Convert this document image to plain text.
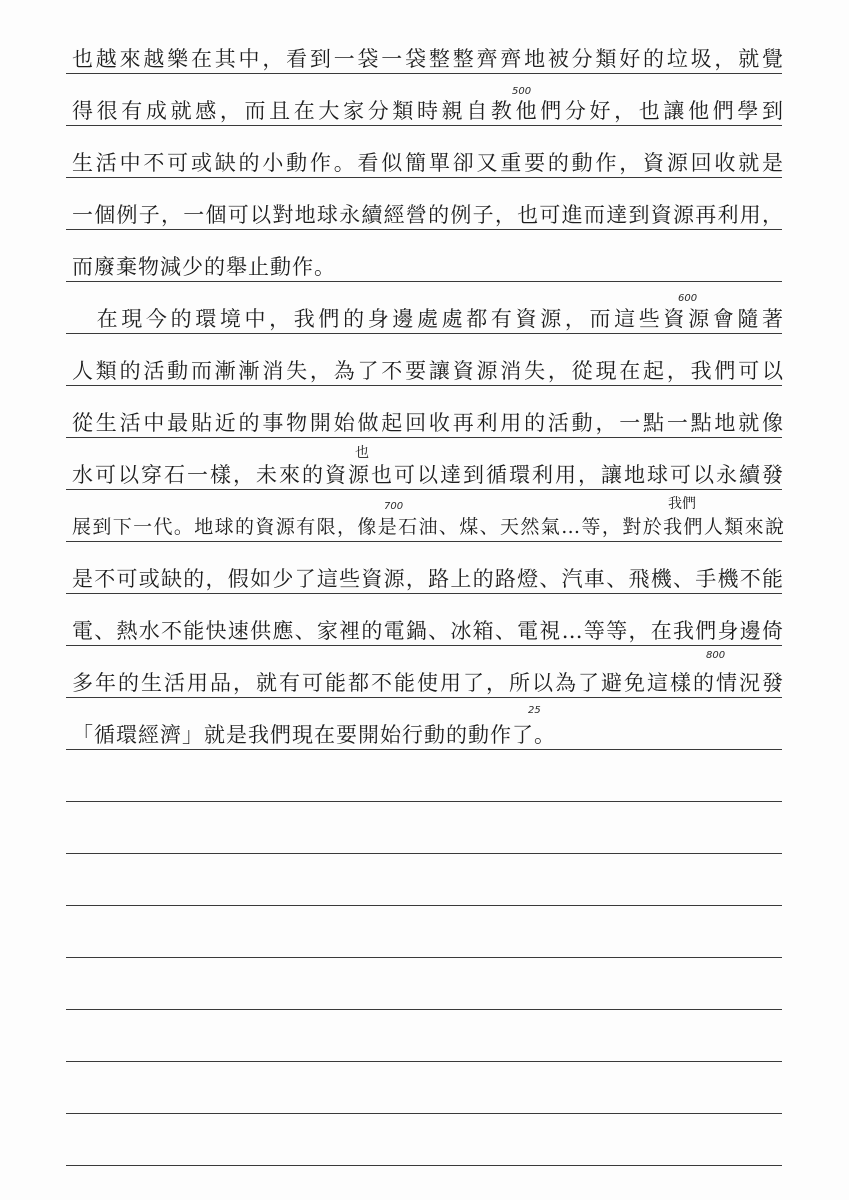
也越來越樂在其中，看到一袋一袋整整齊齊地被分類好的垃圾，就覺
得很有成就感，而且在大家分類時親自教他們分好，也讓他們學到
生活中不可或缺的小動作。看似簡單卻又重要的動作，資源回收就是
一個例子，一個可以對地球永續經營的例子，也可進而達到資源再利用，
而廢棄物減少的舉止動作。
　在現今的環境中，我們的身邊處處都有資源，而這些資源會隨著
人類的活動而漸漸消失，為了不要讓資源消失，從現在起，我們可以
從生活中最貼近的事物開始做起回收再利用的活動，一點一點地就像
水可以穿石一樣，未來的資源也可以達到循環利用，讓地球可以永續發
展到下一代。地球的資源有限，像是石油、煤、天然氣…等，對於我們人類來說
是不可或缺的，假如少了這些資源，路上的路燈、汽車、飛機、手機不能
電、熱水不能快速供應、家裡的電鍋、冰箱、電視…等等，在我們身邊倚
多年的生活用品，就有可能都不能使用了，所以為了避免這樣的情況發
「循環經濟」就是我們現在要開始行動的動作了。
500
600
也
700	我們
800
25
